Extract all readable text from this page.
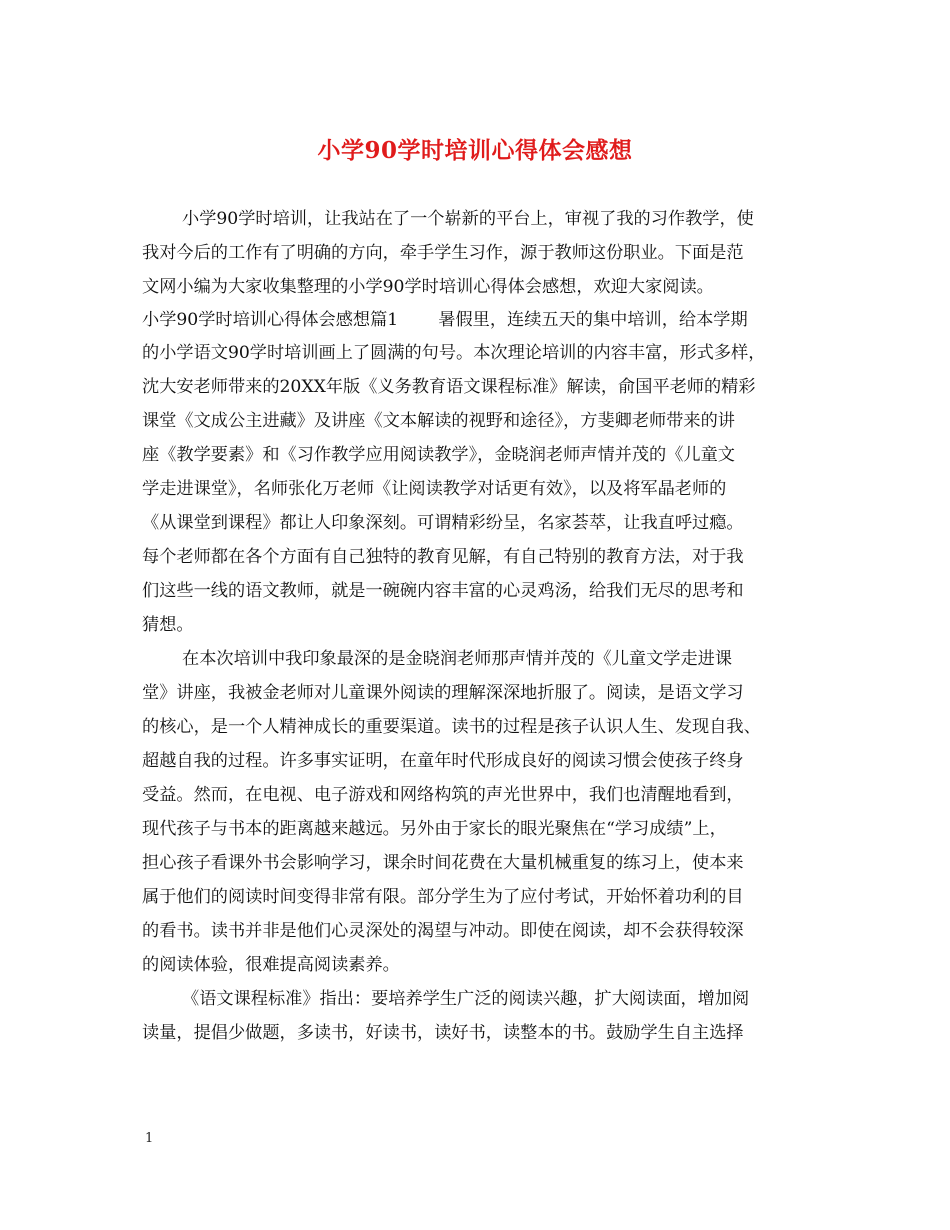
小学90学时培训心得体会感想

小学90学时培训，让我站在了一个崭新的平台上，审视了我的习作教学，使

我对今后的工作有了明确的方向，牵手学生习作，源于教师这份职业。下面是范

文网小编为大家收集整理的小学90学时培训心得体会感想，欢迎大家阅读。

小学90学时培训心得体会感想篇1 暑假里，连续五天的集中培训，给本学期

的小学语文90学时培训画上了圆满的句号。本次理论培训的内容丰富，形式多样，

沈大安老师带来的20XX年版《义务教育语文课程标准》解读，俞国平老师的精彩

课堂《文成公主进藏》及讲座《文本解读的视野和途径》，方斐卿老师带来的讲

座《教学要素》和《习作教学应用阅读教学》，金晓润老师声情并茂的《儿童文

学走进课堂》，名师张化万老师《让阅读教学对话更有效》，以及将军晶老师的

《从课堂到课程》都让人印象深刻。可谓精彩纷呈，名家荟萃，让我直呼过瘾。

每个老师都在各个方面有自己独特的教育见解，有自己特别的教育方法，对于我

们这些一线的语文教师，就是一碗碗内容丰富的心灵鸡汤，给我们无尽的思考和

猜想。

在本次培训中我印象最深的是金晓润老师那声情并茂的《儿童文学走进课

堂》讲座，我被金老师对儿童课外阅读的理解深深地折服了。阅读，是语文学习

的核心，是一个人精神成长的重要渠道。读书的过程是孩子认识人生、发现自我、

超越自我的过程。许多事实证明，在童年时代形成良好的阅读习惯会使孩子终身

受益。然而，在电视、电子游戏和网络构筑的声光世界中，我们也清醒地看到，

现代孩子与书本的距离越来越远。另外由于家长的眼光聚焦在“学习成绩”上，

担心孩子看课外书会影响学习，课余时间花费在大量机械重复的练习上，使本来

属于他们的阅读时间变得非常有限。部分学生为了应付考试，开始怀着功利的目

的看书。读书并非是他们心灵深处的渴望与冲动。即使在阅读，却不会获得较深

的阅读体验，很难提高阅读素养。

《语文课程标准》指出：要培养学生广泛的阅读兴趣，扩大阅读面，增加阅

读量，提倡少做题，多读书，好读书，读好书，读整本的书。鼓励学生自主选择

1
